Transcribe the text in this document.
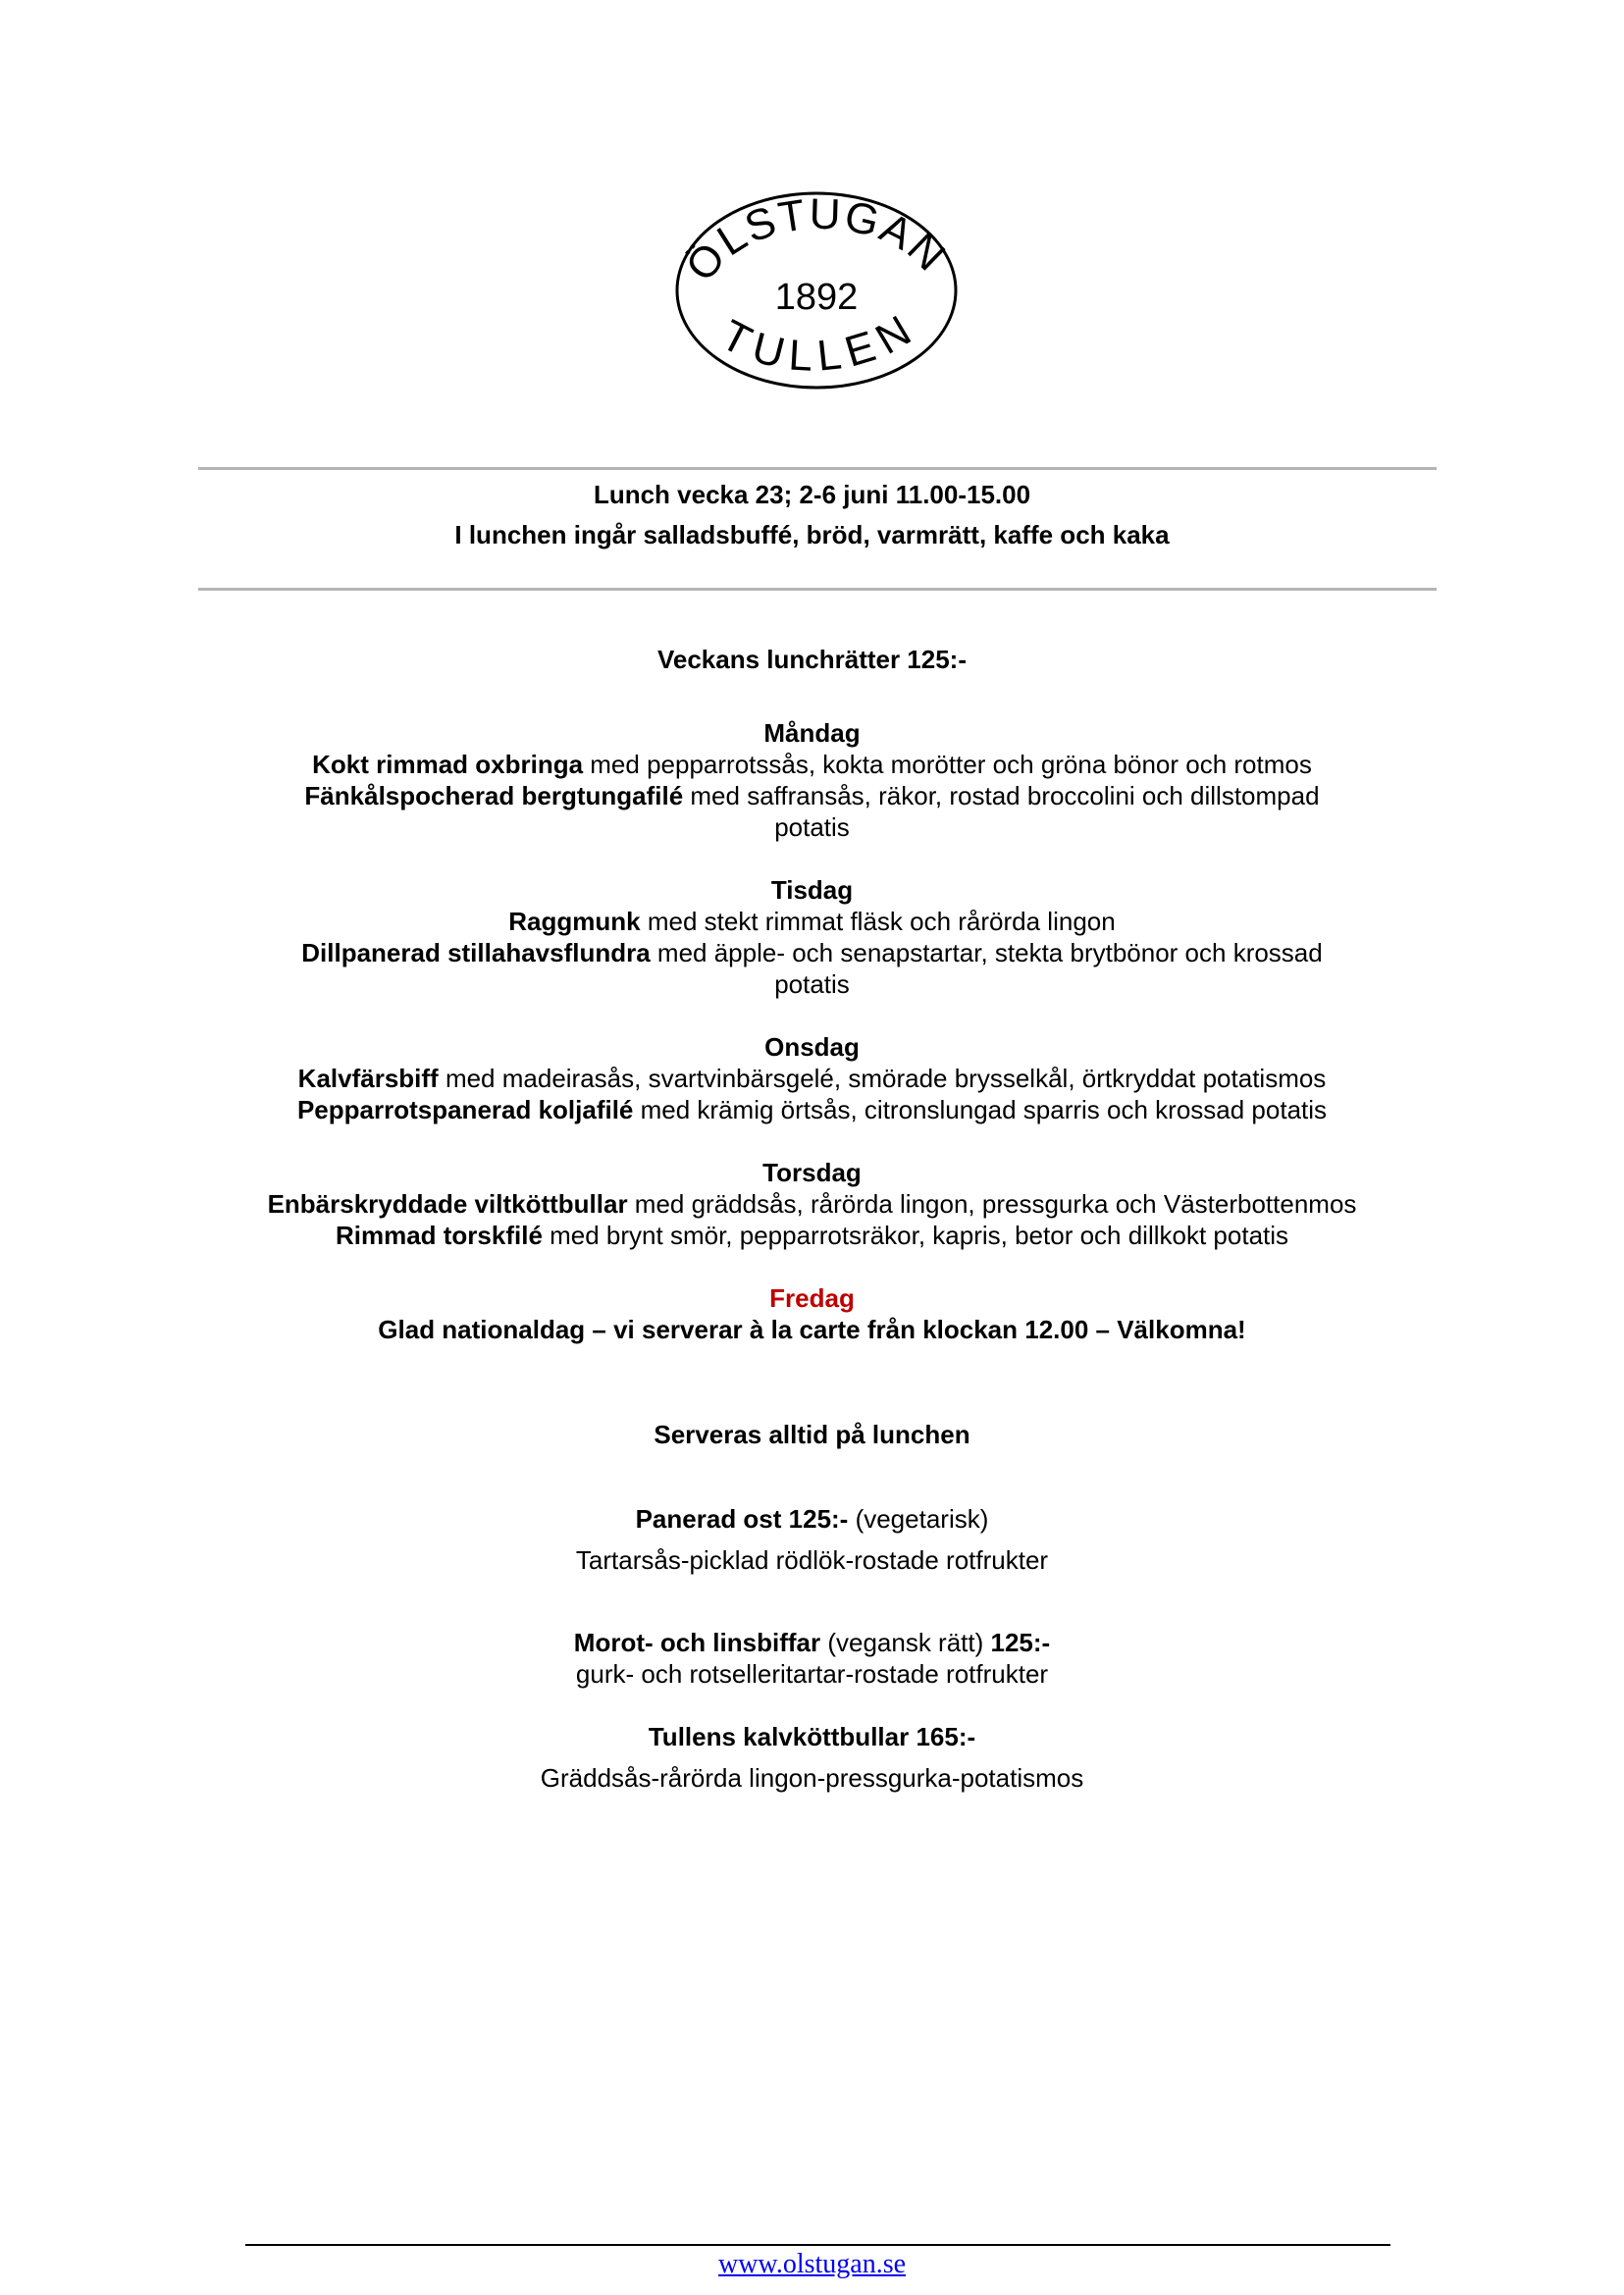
ÖLSTUGAN
1892
TULLEN
Lunch vecka 23; 2-6 juni 11.00-15.00
I lunchen ingår salladsbuffé, bröd, varmrätt, kaffe och kaka
Veckans lunchrätter 125:-
Måndag
Kokt rimmad oxbringa med pepparrotssås, kokta morötter och gröna bönor och rotmos
Fänkålspocherad bergtungafilé med saffransås, räkor, rostad broccolini och dillstompad
potatis
Tisdag
Raggmunk med stekt rimmat fläsk och rårörda lingon
Dillpanerad stillahavsflundra med äpple- och senapstartar, stekta brytbönor och krossad
potatis
Onsdag
Kalvfärsbiff med madeirasås, svartvinbärsgelé, smörade brysselkål, örtkryddat potatismos
Pepparrotspanerad koljafilé med krämig örtsås, citronslungad sparris och krossad potatis
Torsdag
Enbärskryddade viltköttbullar med gräddsås, rårörda lingon, pressgurka och Västerbottenmos
Rimmad torskfilé med brynt smör, pepparrotsräkor, kapris, betor och dillkokt potatis
Fredag
Glad nationaldag – vi serverar à la carte från klockan 12.00 – Välkomna!
Serveras alltid på lunchen
Panerad ost 125:- (vegetarisk)
Tartarsås-picklad rödlök-rostade rotfrukter
Morot- och linsbiffar (vegansk rätt) 125:-
gurk- och rotselleritartar-rostade rotfrukter
Tullens kalvköttbullar 165:-
Gräddsås-rårörda lingon-pressgurka-potatismos
www.olstugan.se
